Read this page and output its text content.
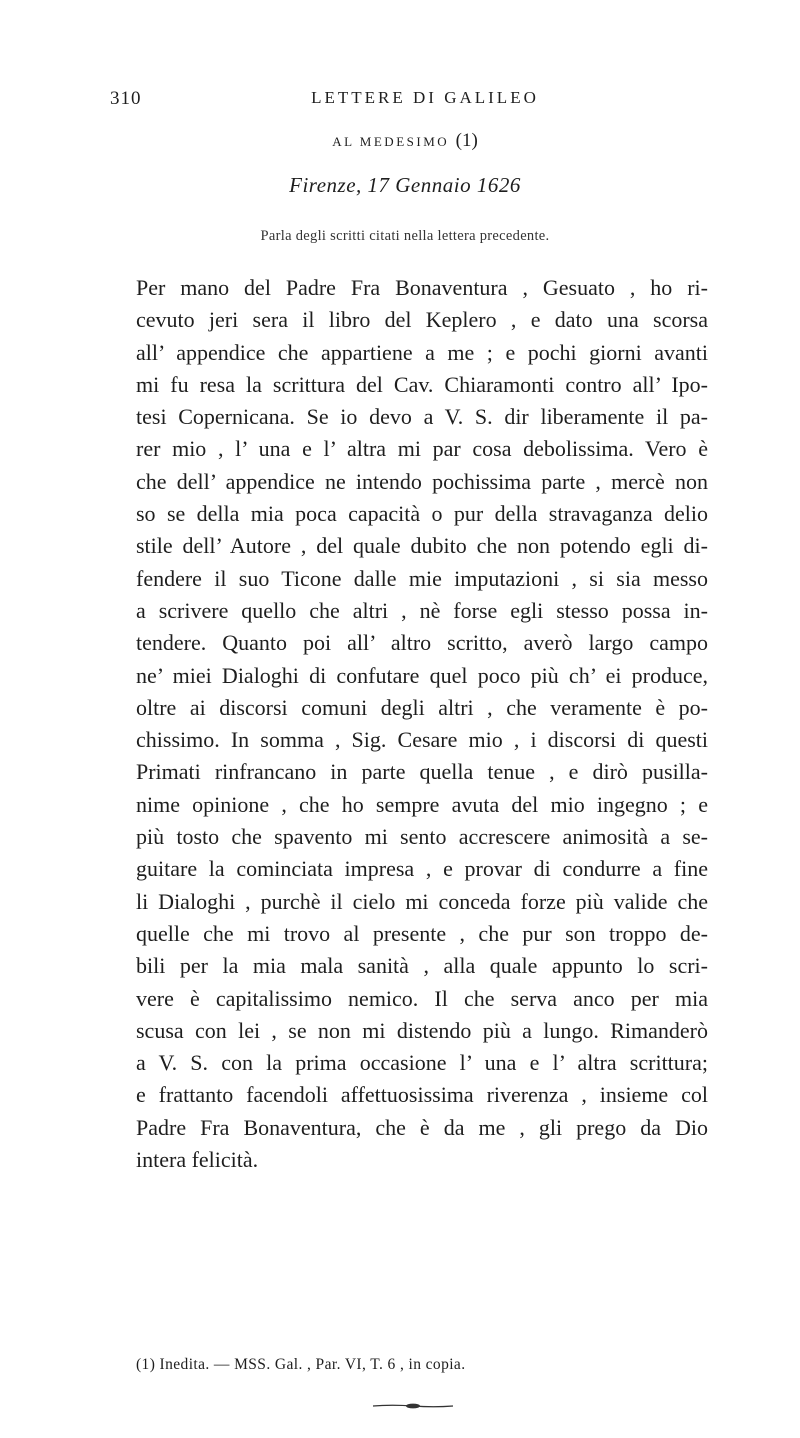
310	LETTERE DI GALILEO
AL MEDESIMO (1)
Firenze, 17 Gennaio 1626
Parla degli scritti citati nella lettera precedente.
Per mano del Padre Fra Bonaventura , Gesuato , ho ri-
cevuto jeri sera il libro del Keplero , e dato una scorsa
all’ appendice che appartiene a me ; e pochi giorni avanti
mi fu resa la scrittura del Cav. Chiaramonti contro all’ Ipo-
tesi Copernicana. Se io devo a V. S. dir liberamente il pa-
rer mio , l’ una e l’ altra mi par cosa debolissima. Vero è
che dell’ appendice ne intendo pochissima parte , mercè non
so se della mia poca capacità o pur della stravaganza delio
stile dell’ Autore , del quale dubito che non potendo egli di-
fendere il suo Ticone dalle mie imputazioni , si sia messo
a scrivere quello che altri , nè forse egli stesso possa in-
tendere. Quanto poi all’ altro scritto, averò largo campo
ne’ miei Dialoghi di confutare quel poco più ch’ ei produce,
oltre ai discorsi comuni degli altri , che veramente è po-
chissimo. In somma , Sig. Cesare mio , i discorsi di questi
Primati rinfrancano in parte quella tenue , e dirò pusilla-
nime opinione , che ho sempre avuta del mio ingegno ; e
più tosto che spavento mi sento accrescere animosità a se-
guitare la cominciata impresa , e provar di condurre a fine
li Dialoghi , purchè il cielo mi conceda forze più valide che
quelle che mi trovo al presente , che pur son troppo de-
bili per la mia mala sanità , alla quale appunto lo scri-
vere è capitalissimo nemico. Il che serva anco per mia
scusa con lei , se non mi distendo più a lungo. Rimanderò
a V. S. con la prima occasione l’ una e l’ altra scrittura;
e frattanto facendoli affettuosissima riverenza , insieme col
Padre Fra Bonaventura, che è da me , gli prego da Dio
intera felicità.
(1) Inedita. — MSS. Gal. , Par. VI, T. 6 , in copia.
